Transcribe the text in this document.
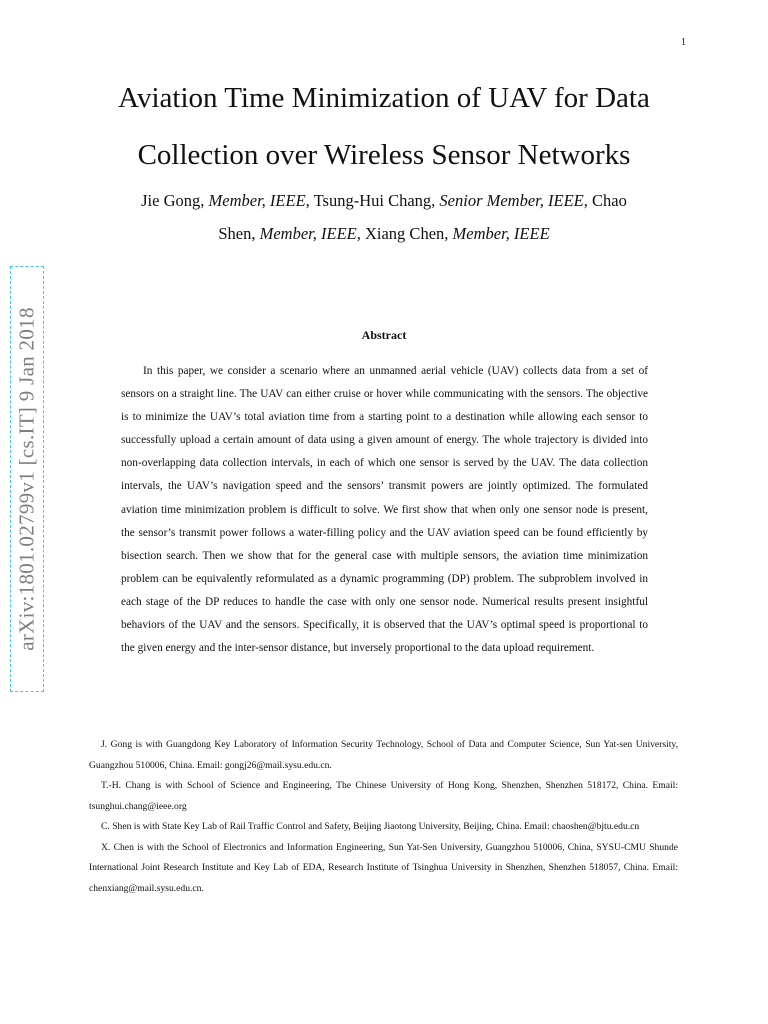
1
arXiv:1801.02799v1 [cs.IT] 9 Jan 2018
Aviation Time Minimization of UAV for Data
Collection over Wireless Sensor Networks
Jie Gong, Member, IEEE, Tsung-Hui Chang, Senior Member, IEEE, Chao
Shen, Member, IEEE, Xiang Chen, Member, IEEE
Abstract

In this paper, we consider a scenario where an unmanned aerial vehicle (UAV) collects data from a set of sensors on a straight line. The UAV can either cruise or hover while communicating with the sensors. The objective is to minimize the UAV’s total aviation time from a starting point to a destination while allowing each sensor to successfully upload a certain amount of data using a given amount of energy. The whole trajectory is divided into non-overlapping data collection intervals, in each of which one sensor is served by the UAV. The data collection intervals, the UAV’s navigation speed and the sensors’ transmit powers are jointly optimized. The formulated aviation time minimization problem is difficult to solve. We first show that when only one sensor node is present, the sensor’s transmit power follows a water-filling policy and the UAV aviation speed can be found efficiently by bisection search. Then we show that for the general case with multiple sensors, the aviation time minimization problem can be equivalently reformulated as a dynamic programming (DP) problem. The subproblem involved in each stage of the DP reduces to handle the case with only one sensor node. Numerical results present insightful behaviors of the UAV and the sensors. Specifically, it is observed that the UAV’s optimal speed is proportional to the given energy and the inter-sensor distance, but inversely proportional to the data upload requirement.

J. Gong is with Guangdong Key Laboratory of Information Security Technology, School of Data and Computer Science, Sun Yat-sen University, Guangzhou 510006, China. Email: gongj26@mail.sysu.edu.cn.

T.-H. Chang is with School of Science and Engineering, The Chinese University of Hong Kong, Shenzhen, Shenzhen 518172, China. Email: tsunghui.chang@ieee.org

C. Shen is with State Key Lab of Rail Traffic Control and Safety, Beijing Jiaotong University, Beijing, China. Email: chaoshen@bjtu.edu.cn

X. Chen is with the School of Electronics and Information Engineering, Sun Yat-Sen University, Guangzhou 510006, China, SYSU-CMU Shunde International Joint Research Institute and Key Lab of EDA, Research Institute of Tsinghua University in Shenzhen, Shenzhen 518057, China. Email: chenxiang@mail.sysu.edu.cn.
